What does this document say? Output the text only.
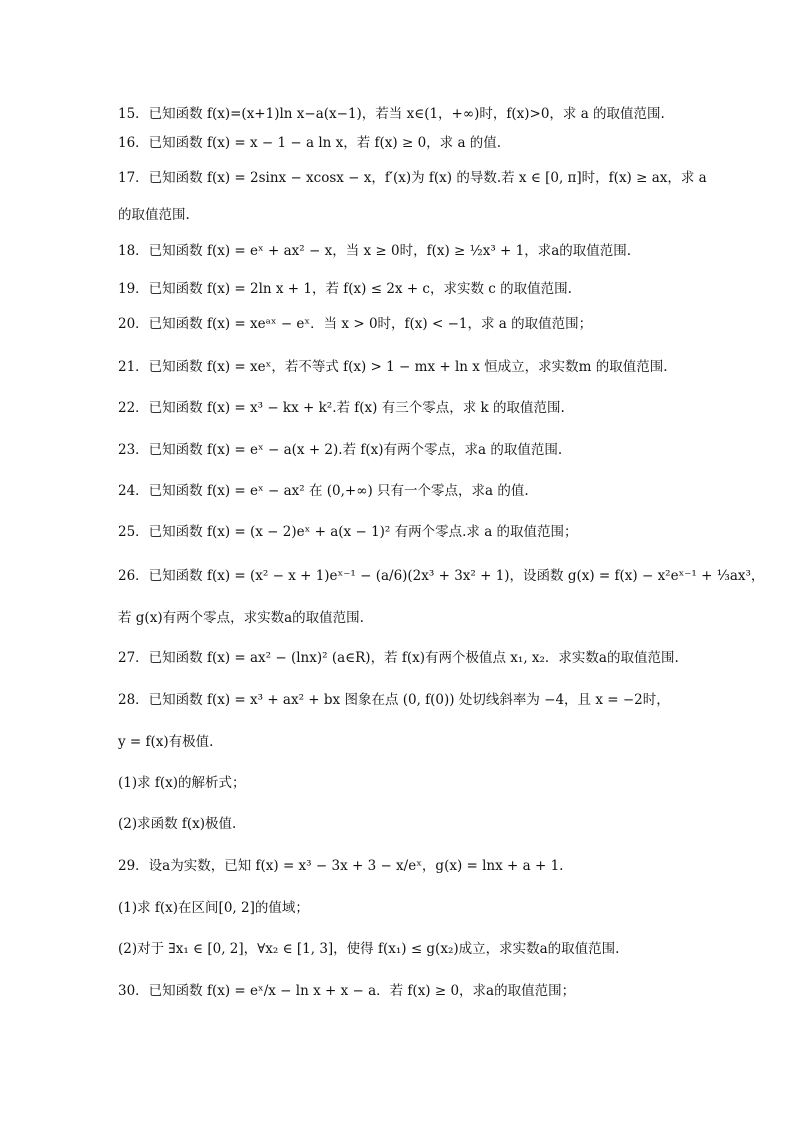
15．已知函数 f(x)=(x+1)ln x−a(x−1)，若当 x∈(1，+∞)时，f(x)>0，求 a 的取值范围.
16．已知函数 f(x) = x − 1 − a ln x，若 f(x) ≥ 0，求 a 的值.
17．已知函数 f(x) = 2sinx − xcosx − x，f′(x)为 f(x) 的导数.若 x ∈ [0, π]时，f(x) ≥ ax，求 a
的取值范围.
18．已知函数 f(x) = eˣ + ax² − x，当 x ≥ 0时，f(x) ≥ ½x³ + 1，求a的取值范围.
19．已知函数 f(x) = 2ln x + 1，若 f(x) ≤ 2x + c，求实数 c 的取值范围.
20．已知函数 f(x) = xeᵃˣ − eˣ．当 x > 0时，f(x) < −1，求 a 的取值范围；
21．已知函数 f(x) = xeˣ，若不等式 f(x) > 1 − mx + ln x 恒成立，求实数m 的取值范围.
22．已知函数 f(x) = x³ − kx + k².若 f(x) 有三个零点，求 k 的取值范围.
23．已知函数 f(x) = eˣ − a(x + 2).若 f(x)有两个零点，求a 的取值范围.
24．已知函数 f(x) = eˣ − ax² 在 (0,+∞) 只有一个零点，求a 的值.
25．已知函数 f(x) = (x − 2)eˣ + a(x − 1)² 有两个零点.求 a 的取值范围；
26．已知函数 f(x) = (x² − x + 1)eˣ⁻¹ − (a/6)(2x³ + 3x² + 1)，设函数 g(x) = f(x) − x²eˣ⁻¹ + ⅓ax³，
若 g(x)有两个零点，求实数a的取值范围.
27．已知函数 f(x) = ax² − (lnx)² (a∈R)，若 f(x)有两个极值点 x₁, x₂．求实数a的取值范围.
28．已知函数 f(x) = x³ + ax² + bx 图象在点 (0, f(0)) 处切线斜率为 −4，且 x = −2时，
y = f(x)有极值.
(1)求 f(x)的解析式；
(2)求函数 f(x)极值.
29．设a为实数，已知 f(x) = x³ − 3x + 3 − x/eˣ，g(x) = lnx + a + 1.
(1)求 f(x)在区间[0, 2]的值域；
(2)对于 ∃x₁ ∈ [0, 2]，∀x₂ ∈ [1, 3]，使得 f(x₁) ≤ g(x₂)成立，求实数a的取值范围.
30．已知函数 f(x) = eˣ/x − ln x + x − a．若 f(x) ≥ 0，求a的取值范围；
